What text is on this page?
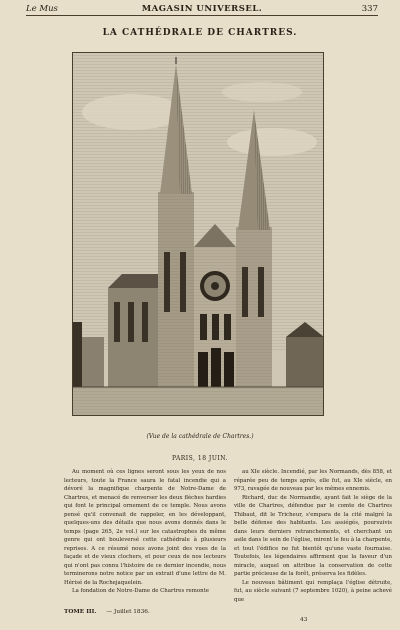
Le Mus	MAGASIN UNIVERSEL.	337
LA CATHÉDRALE DE CHARTRES.
(Vue de la cathédrale de Chartres.)
PARIS, 18 JUIN.

Au moment où ces lignes seront sous les yeux de nos lecteurs, toute la France saura le fatal incendie qui a dévoré la magnifique charpente de Notre-Dame de Chartres, et menacé de renverser les deux flèches hardies qui font le principal ornement de ce temple. Nous avons pensé qu'il convenait de rappeler, en les développant, quelques-uns des détails que nous avons donnés dans le temps (page 265, 2e vol.) sur les catastrophes du même genre qui ont bouleversé cette cathédrale à plusieurs reprises. A ce résumé nous avons joint des vues de la façade et de vieux clochers, et pour ceux de nos lecteurs qui n'ont pas connu l'histoire de ce dernier incendie, nous terminerons notre notice par un extrait d'une lettre de M. Hérisé de la Rochejaquelein.

La fondation de Notre-Dame de Chartres remonte

au XIe siècle. Incendié, par les Normands, dès 858, et réparée peu de temps après, elle fut, au XIe siècle, en 973, ravagée de nouveau par les mêmes ennemis.

Richard, duc de Normandie, ayant fait le siège de la ville de Chartres, défendue par le comte de Chartres Thibaut, dit le Tricheur, s'empara de la cité malgré la belle défense des habitants. Les assiégés, poursuivis dans leurs derniers retranchements, et cherchant un asile dans le sein de l'église, mirent le feu à la charpente, et tout l'édifice ne fut bientôt qu'une vaste fournaise. Toutefois, les légendaires affirment que la faveur d'un miracle, auquel on attribue la conservation de cette partie précieuse de la forêt, préserva les fidèles.

Le nouveau bâtiment qui remplaça l'église détruite, fut, au siècle suivant (7 septembre 1020), à peine achevé que

TOME III. — Juillet 1836.
43
